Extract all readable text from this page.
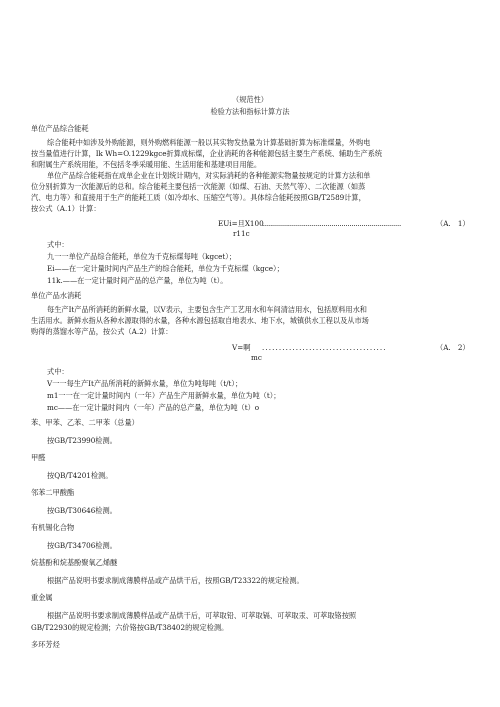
（规范性）
检验方法和指标计算方法
单位产品综合能耗
综合能耗中如涉及外购能源，则外购燃料能源一般以其实物发热量为计算基础折算为标准煤量，外购电
按当量值进行计算，Ik Wh=O.1229kgce折算成标煤，企业消耗的各种能源包括主要生产系统、辅助生产系统
和附属生产系统用能，不包括冬季采暖用能、生活用能和基建项目用能。
单位产品综合能耗指在成单企业在计划统计期内，对实际消耗的各种能源实物量按规定的计算方法和单
位分别折算为一次能源后的总和。综合能耗主要包括一次能源（如煤、石油、天然气等）、二次能源（如蒸
汽、电力等）和直接用于生产的能耗工质（如冷却水、压缩空气等）。具体综合能耗按照GB/T2589计算，
按公式（A.1）计算：
EUi=旦X100
......................................................................	（A.　1）
r11c
式中：
九一一单位产品综合能耗，单位为千克标煤每吨（kgcet）；
Ei——在一定计量时间内产品生产的综合能耗，单位为千克标煤（kgce）；
11k.——在一定计量时间产品的总产量，单位为吨（t）。
单位产品水消耗
每生产It产品所消耗的新鲜水量，以V表示，主要包含生产工艺用水和车间清洁用水，包括原料用水和
生活用水。新鲜水指从各种水源取得的水量，各种水源包括取自地表水、地下水，城镇供水工程以及从市场
购得的蒸馏水等产品，按公式（A.2）计算：
V=啊 . . . . . . . . . . . . . . . . . . . . . . . . . . . . . . . . . . . . .	（A.　2）
mc
式中：
V一一每生产It产品所消耗的新鲜水量，单位为吨每吨（t/t）；
m1一一在一定计量时间内（一年）产品生产用新鲜水量，单位为吨（t）；
mc——在一定计量时间内（一年）产品的总产量，单位为吨（t）o
苯、甲苯、乙苯、二甲苯（总量）
按GB/T23990检测。
甲醛
按QB/T4201检测。
邻苯二甲酸酯
按GB/T30646检测。
有机锡化合物
按GB/T34706检测。
烷基酚和烷基酚聚氧乙烯醚
根据产品说明书要求制成薄膜样品或产品烘干后，按照GB/T23322的规定检测。
重金属
根据产品说明书要求制成薄膜样品或产品烘干后，可萃取铅、可萃取镉、可萃取汞、可萃取铬按照
GB/T22930的规定检测；六价铬按GB/T38402的规定检测。
多环芳烃
